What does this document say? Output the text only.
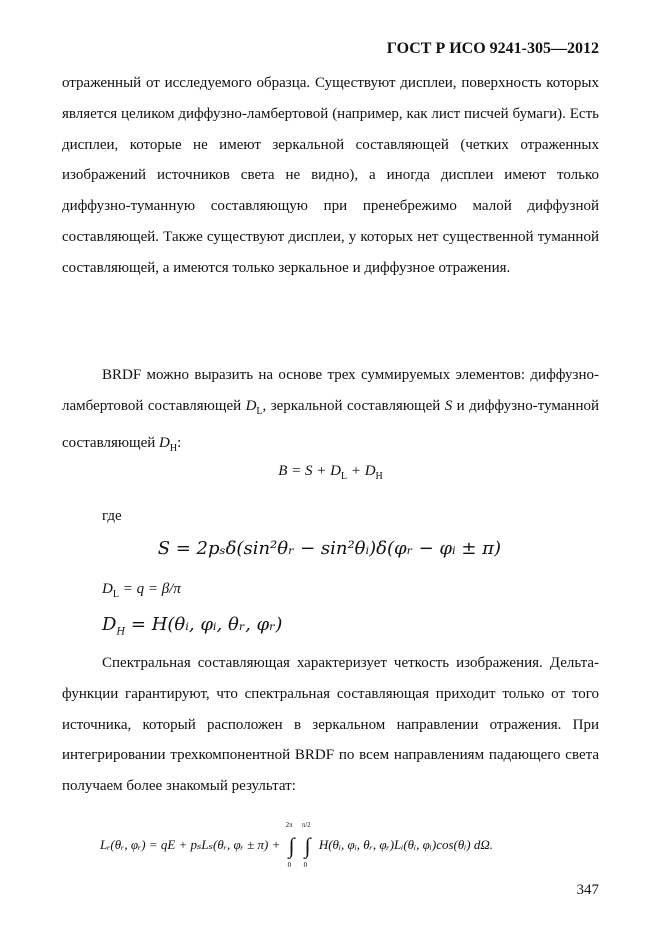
ГОСТ Р ИСО 9241-305—2012

отраженный от исследуемого образца. Существуют дисплеи, поверхность которых является целиком диффузно-ламбертовой (например, как лист писчей бумаги). Есть дисплеи, которые не имеют зеркальной составляющей (четких отраженных изображений источников света не видно), а иногда дисплеи имеют только диффузно-туманную составляющую при пренебрежимо малой диффузной составляющей. Также существуют дисплеи, у которых нет существенной туманной составляющей, а имеются только зеркальное и диффузное отражения.

BRDF можно выразить на основе трех суммируемых элементов: диффузно-ламбертовой составляющей $D_L$, зеркальной составляющей S и диффузно-туманной составляющей $D_H$:

$B = S + D_L + D_H$
где
S = 2pₛδ(sin²θᵣ − sin²θᵢ)δ(φᵣ − φᵢ ± π)
$D_L = q = \beta/\pi$
$D_H$ = H(θᵢ, φᵢ, θᵣ, φᵣ)

Спектральная составляющая характеризует четкость изображения. Дельта-функции гарантируют, что спектральная составляющая приходит только от того источника, который расположен в зеркальном направлении отражения. При интегрировании трехкомпонентной BRDF по всем направлениям падающего света получаем более знакомый результат:

Lᵣ(θᵣ, φᵣ) = qE + pₛLₛ(θᵣ, φᵣ ± π) + ∫
2π
0
∫
π/2
0
H(θᵢ, φᵢ, θᵣ, φᵣ)Lᵢ(θᵢ, φᵢ)cos(θᵢ) dΩ.
347
